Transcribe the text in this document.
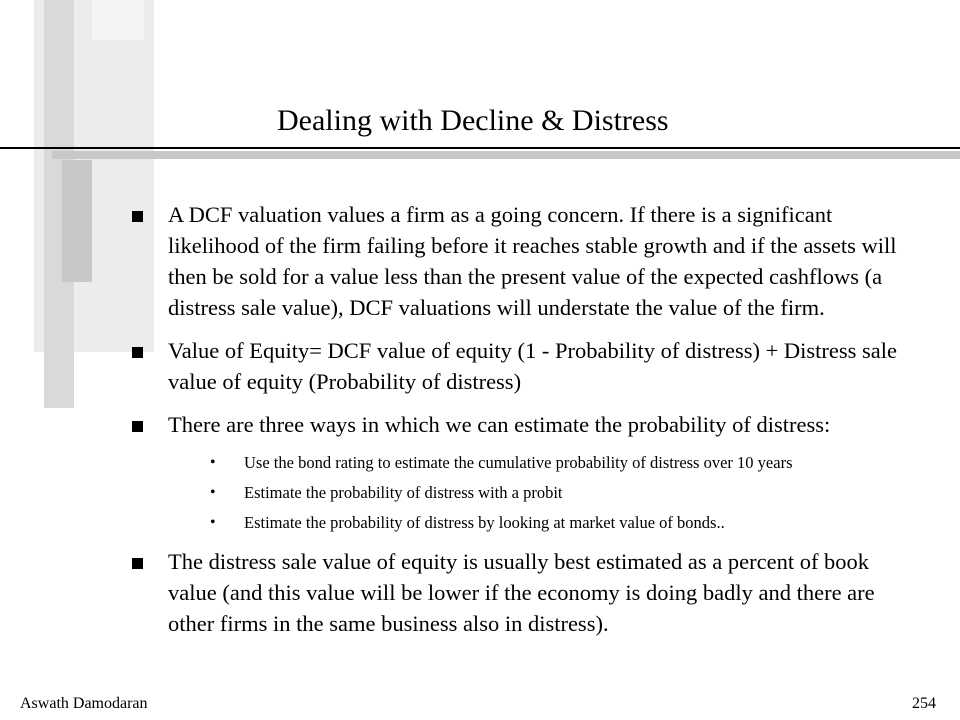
Dealing with Decline & Distress
A DCF valuation values a firm as a going concern. If there is a significant likelihood of the firm failing before it reaches stable growth and if the assets will then be sold for a value less than the present value of the expected cashflows (a distress sale value), DCF valuations will understate the value of the firm.
Value of Equity= DCF value of equity (1 - Probability of distress) + Distress sale value of equity (Probability of distress)
There are three ways in which we can estimate the probability of distress:
•	Use the bond rating to estimate the cumulative probability of distress over 10 years
•	Estimate the probability of distress with a probit
•	Estimate the probability of distress by looking at market value of bonds..
The distress sale value of equity is usually best estimated as a percent of book value (and this value will be lower if the economy is doing badly and there are other firms in the same business also in distress).
Aswath Damodaran	254
